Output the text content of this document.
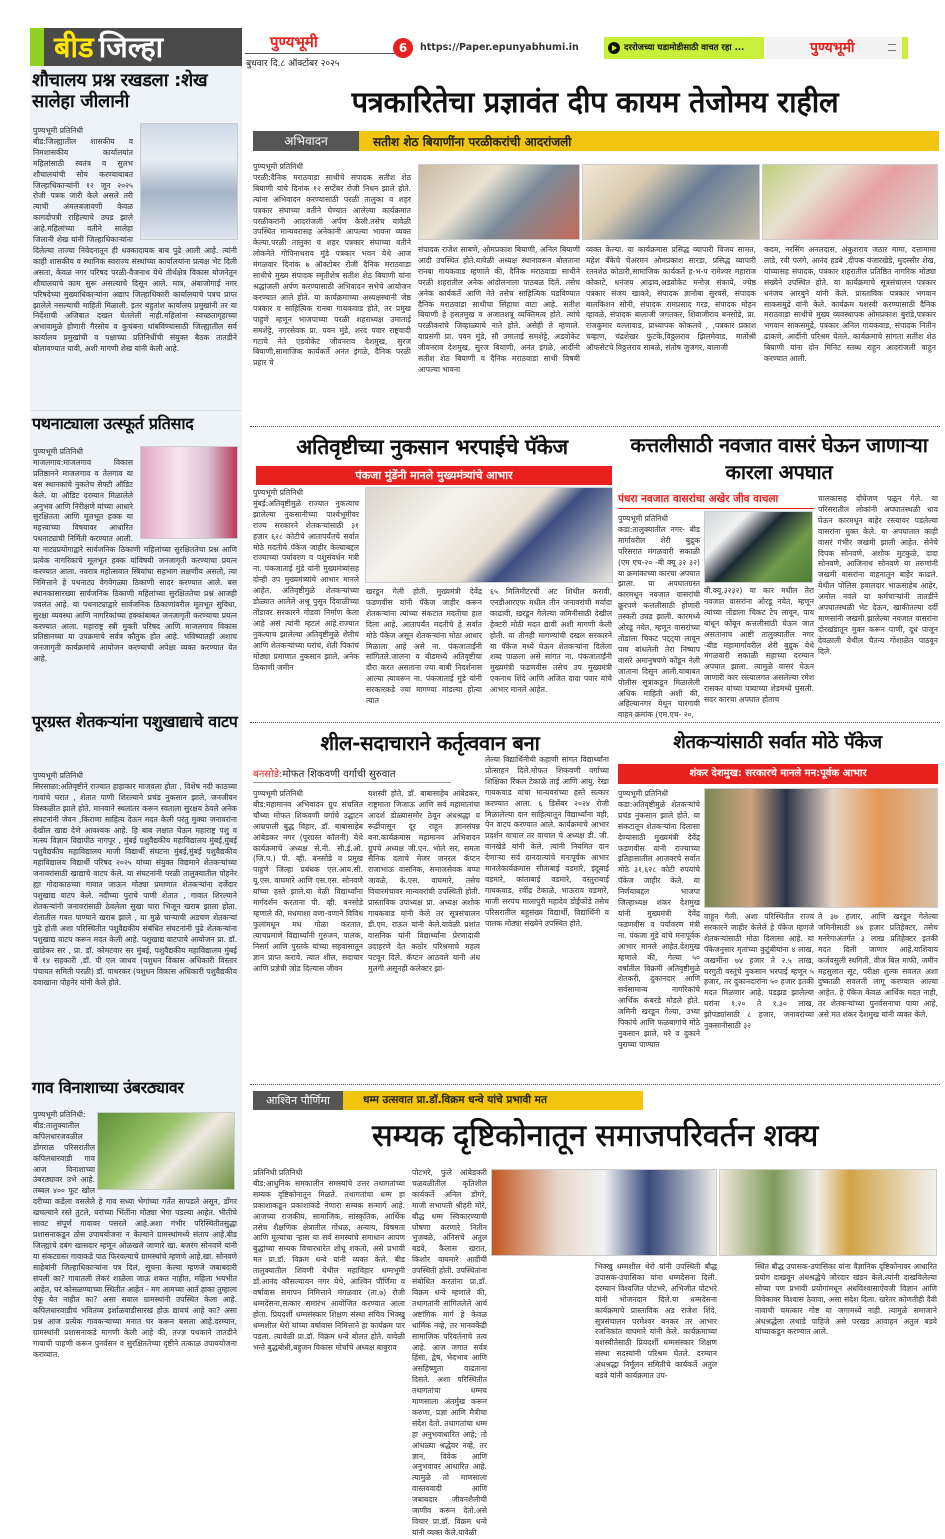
बीड जिल्हा	पुण्यभूमी
बुधवार दि.८ ऑक्टोबर २०२५
6	https://Paper.epunyabhumi.in	दररोजच्या घडामोडीसाठी वाचत रहा ...	पुण्यभूमी
शौचालय प्रश्न रखडला :शेख सालेहा जीलानी
पुण्यभूमी प्रतिनिधी
बीड:जिल्ह्यातील शासकीय व निमशासकीय कार्यालयांत महिलांसाठी स्वतंत्र व सुलभ शौचालयांची सोय करण्याबाबत जिल्हाधिकाऱ्यांनी १२ जून २०२५ रोजी पत्रक जारी केले असले तरी त्याची अंमलबजावणी केवळ कागदोपत्री राहिल्याचे उघड झाले आहे.महिलांच्या वतीने सालेहा जिलानी शेख यांनी जिल्हाधिकाऱ्यांना दिलेल्या ताज्या निवेदनातून ही धक्कादायक बाब पुढे आली आहे. त्यांनी काही शासकीय व स्थानिक स्वराज्य संस्थांच्या कार्यालयांना प्रत्यक्ष भेट दिली असता, केवळ नगर परिषद परळी-वैजनाथ येथे तीर्थक्षेत्र विकास योजनेतून शौचालयाचे काम सुरू असल्याचे दिसून आले. मात्र, अंबाजोगाई नगर परिषदेच्या मुख्याधिकाऱ्यांना अद्याप जिल्हाधिकारी कार्यालयाचे पत्रच प्राप्त झालेले नसल्याची माहिती मिळाली. इतर बहुतांश कार्यालय प्रमुखांनी तर या निर्देशाची अजिबात दखल घेतलेली नाही.महिलांना स्वच्छतागृहाच्या अभावामुळे होणारी गैरसोय व कुचंबना थांबविण्यासाठी जिल्ह्यातील सर्व कार्यालय प्रमुखांची व पक्षाच्या प्रतिनिधींची संयुक्त बैठक तातडीने बोलावण्यात यावी, अशी मागणी शेख यांनी केली आहे.
पथनाट्याला उत्स्फूर्त प्रतिसाद
पुण्यभूमी प्रतिनिधी
माजलगाव:माजलगाव विकास प्रतिष्ठानने माजलगाव व तेलगाव या बस स्थानकांचे नुकतेच सेफ्टी ऑडिट केले. या ऑडिट दरम्यान मिळालेले अनुभव आणि निरीक्षणे यांच्या आधारे सुरक्षितता आणि मूलभूत हक्क या महत्त्वाच्या विषयावर आधारित पथनाट्याची निर्मिती करण्यात आली. या नाट्यप्रयोगाद्वारे सार्वजनिक ठिकाणी महिलांच्या सुरक्षिततेचा प्रश्न आणि प्रत्येक नागरिकाचे मूलभूत हक्क यांविषयी जनजागृती करण्याचा प्रयत्न करण्यात आला. नवरात्र महोत्सवात स्त्रियांचा सहभाग लक्षणीय असतो, त्या निमित्ताने हे पथनाट्य वेगवेगळ्या ठिकाणी सादर करण्यात आले. बस स्थानकासारख्या सार्वजनिक ठिकाणी महिलांच्या सुरक्षिततेचा प्रश्न आजही ज्वलंत आहे. या पथनाट्याद्वारे सार्वजनिक ठिकाणांवरील मूलभूत सुविधा, सुरक्षा व्यवस्था आणि नागरिकांच्या हक्कांबाबत जनजागृती करण्याचा प्रयत्न करण्यात आला. महाराष्ट्र स्त्री मुक्ती परिषद आणि माजलगाव विकास प्रतिष्ठानच्या या उपक्रमाचे सर्वत्र कौतुक होत आहे. भविष्यातही अशाच जनजागृती कार्यक्रमांचे आयोजन करण्याची अपेक्षा व्यक्त करण्यात येत आहे.
पूरग्रस्त शेतकऱ्यांना पशुखाद्याचे वाटप
पुण्यभूमी प्रतिनिधी
सिरसाळा:अतिवृष्टीने राज्यात हाहाकार माजवला होता , विशेष नदी काठच्या गावांचे घरात , शेतात पाणी शिरल्याने प्रचंड नुकसान झाले, जनजीवन विस्कळीत झाले होते. मानवाने स्थलांतर करून स्वताला सुरक्षय ठेवले अनेक संघटनांनी जेवन ,किराणा साहित्य देऊन मदत केली परंतु मुक्या जनावरांना देखील खाद्य देणे आवश्यक आहे. हि बाब लक्षात घेऊन महाराष्ट्र पशु व मत्स्य विज्ञान विद्यापीठ नागपूर , मुंबई पशुवैद्यकीय महाविद्यालय मुंबई,मुंबई पशुवैद्यकीय महाविद्यालय माजी विद्यार्थी संघटना मुंबई,मुंबई पशुवैद्यकीय महाविद्यालय विद्यार्थी परिषद २०२५ यांच्या संयुक्त विद्यमाने शेतकऱ्यांच्या जनावरांसाठी खाद्याचे वाटप केले. या संघटनांनी परळी तालुक्यातील पोहनेर ह्या गोदाकाठच्या गावात जाऊन मोठ्या प्रमाणात शेतकऱ्यांना दर्जेदार पशुखाद्य वाटप केले. नदीच्या पुराचे पाणी शेतात , गावात शिरल्याने शेतकऱ्यांनी जनावरांसाठी ठेवलेला सुखा चारा भिजून खराब झाला होता. शेतातील गवत पाण्याने खराब झाले , या मुळे चाऱ्याची अडचण शेतकऱ्यां पुढे होती अशा परिस्थितीत पशुवैद्यकीय संबंधित संघटनांनी पुढे शेतकऱ्यांना पशुखाद्य वाटप करून मदत केली आहे. पशुखाद्य वाटपाचे आयोजन प्रा. डॉ. खांडेकर सर , प्रा. डॉ. कोमटवार सर मुंबई, पशुवैद्यकीय महाविद्यालय मुंबई चे १४ सहकारी ,डॉ. पी एल जाधव (पशुधन विकास अधिकारी विस्तार पंचायत समिती परळी) डॉ. पाथरकर (पशुधन विकास अधिकारी पशुवैद्यकीय दवाखाना पोहनेर यांनी केले होते.
गाव विनाशाच्या उंबरठ्यावर
पुण्यभूमी प्रतिनिधी:
बीड:तालुक्यातील कपिलधारजवळील डोंगराळ परिसरातील कपिलधारवाडी गाव आज विनाशाच्या उंबरठ्यावर उभे आहे. तब्बल ४०० फूट खोल दरीच्या कडेला वसलेले हे गाव सध्या भेगांच्या गर्तेत सापडले असून, डोंगर खचल्याने रस्ते तुटले, घरांच्या भिंतींना मोठ्या भेगा पडल्या आहेत. भीतीचे सावट संपूर्ण गावावर पसरले आहे.अशा गंभीर परिस्थितीतसुद्धा प्रशासनाकडून ठोस उपाययोजना न केल्याने ग्रामस्थांमध्ये संताप आहे.बीड जिल्ह्याचे दबंग खासदार म्हणून ओळखले जाणारे खा. बजरंग सोनवणे यांनी या संकटग्रस्त गावाकडे पाठ फिरवल्याचे ग्रामस्थांचे म्हणणे आहे.खा. सोनवणे साहेबांनी जिल्हाधिकाऱ्यांना पत्र दिलं, सूचना केल्या म्हणजे जबाबदारी संपली का? गावातली लेकरं शाळेला जाऊ शकत नाहीत, महिला भयभीत आहेत, घरं कोसळण्याच्या स्थितीत आहेत - मग आमच्या आर्त हाका तुम्हाला ऐकू येत नाहीत का? असा सवाल ग्रामस्थांनी उपस्थित केला आहे. कपिलधारवाडीचं भवितव्य इर्शाळवाडीसारखं होऊ द्यायचं आहे का? असा प्रश्न आज प्रत्येक गावकऱ्याच्या मनात घर करून बसला आहे.दरम्यान, ग्रामस्थांनी प्रशासनाकडे मागणी केली आहे की, तज्ज्ञ पथकाने तातडीने गावाची पाहणी करून पुनर्वसन व सुरक्षिततेच्या दृष्टीने तत्काळ उपाययोजना कराव्यात.
पत्रकारितेचा प्रज्ञावंत दीप कायम तेजोमय राहील
अभिवादन	सतीश शेठ बियाणींना परळीकरांची आदरांजली
पुण्यभूमी प्रतिनिधी
परळी:दैनिक मराठवाडा साथीचे संपादक सतीश शेठ बियाणी यांचे दिनांक १२ सप्टेंबर रोजी निधन झाले होते. त्यांना अभिवादन करण्यासाठी परळी तालुका व शहर पत्रकार संघाच्या वतीने घेण्यात आलेल्या कार्यक्रमात परळीकरांनी आदरांजली अर्पण केली.तसेच यावेळी उपस्थित मान्यवरासह अनेकांनी आपल्या भावना व्यक्त केल्या.परळी तालुका व शहर पत्रकार संघाच्या वतीने लोकनेते गोपिनाथराव मुंडे पत्रकार भवन येथे आज मंगळवार दिनांक ७ ऑक्टोबर रोजी दैनिक मराठवाडा साथीचे मुख्य संपादक स्मृतीशेष सतीश शेठ बियाणी यांना श्रद्धांजली अर्पण करण्यासाठी अभिवादन सभेचे आयोजन करण्यात आले होते. या कार्यक्रमाच्या अध्यक्षस्थानी जेष्ठ पत्रकार व साहित्यिक रानबा गायकवाड होते, तर प्रमुख पाहुणे म्हणून भाजपाच्या परळी शहराध्यक्ष उमाताई समशेट्टे, नगरसेवक प्रा. पवन मुंडे, शरद पवार राष्ट्रवादी गटाचे नेते एडवोकेट जीवनराव देशमुख, सुरज बियाणी,सामाजिक कार्यकर्ते अनंत इंगळे, दैनिक परळी प्रहार चे
संपादक राजेश साबणे, ओमप्रकाश बियाणी, अनिल बियाणी आदी उपस्थित होते.यावेळी अध्यक्ष स्थानावरून बोलताना रानबा गायकवाड म्हणाले की, दैनिक मराठवाडा साथीने परळी शहरातील अनेक आंदोलनाला पाठबळ दिले. तसेच अनेक कार्यकर्ते आणि नेते तसेच साहित्यिक घडविण्यात दैनिक मराठवाडा साथीचा सिंहाचा वाटा आहे. सतीश बियाणी हे हसतमुख व अजातशत्रू व्यक्तिमत्व होते. त्यांचे परळीकरांचे जिव्हाळ्याचे नाते होते. असेही ते म्हणाले. याप्रसंगी प्रा. पवन मुंडे, सौ उमाताई समशेट्टे, अडवोकेट जीवनराव देशमुख, सुरज बियाणी, अनंत इंगळे, आदींनी सतीश शेठ बियाणी व दैनिक मराठवाडा साथी विषयी आपल्या भावना
व्यक्त केल्या. या कार्यक्रमास प्रसिद्ध व्यापारी विजय सामत, महेश बँकेचे चेअरमन ओमप्रकाश सारडा, प्रसिद्ध व्यापारी रतनशेठ कोठारी,सामाजिक कार्यकर्ते ह-भ-प रामेश्वर महाराज कोकाटे, धनंजय आढाव,अडवोकेट मनोज संकाये, ज्येष्ठ पत्रकार संजय खाकरे, संपादक ज्ञानोबा सुरवसे, संपादक बालकिशन सोनी, संपादक रामप्रसाद गरड, संपादक मोहन व्हावळे, संपादक बालाजी जगतकर, शिवाजीराव बनसोडे, प्रा. राजकुमार यल्लावाड, प्राध्यापक कोकलवे , ,पत्रकार प्रकाश चव्हाण, चंद्रशेखर फुटके,विठ्ठलराव झिलमेवाड, मातोश्री ऑफसेटचे विठ्ठलराव साबळे, संतोष जुजगर, बालाजी
कदम, नरसिंग अनलदास, अंकुशराव जठार मामा, दत्तामामा लांडे, रवी पलंगे, आनंद हडबे ,दीपक वंजारखेडे, मुदस्सीर शेख, यांच्यासह संपादक, पत्रकार शहरातील प्रतिष्ठित नागरिक मोठ्या संख्येने उपस्थित होते. या कार्यक्रमाचे सूत्रसंचालन पत्रकार धनंजय आरबुने यांनी केले. प्रास्ताविक पत्रकार भगवान साकसमुद्रे यांनी केले. कार्यक्रम यशस्वी करण्यासाठी दैनिक मराठवाडा साथीचे मुख्य व्यवस्थापक ओमप्रकाश बुरांडे,पत्रकार भगवान साकसमुद्रे, पत्रकार अनिल गायकवाड, संपादक नितीन ढाकणे, आदींनी परिश्रम घेतले. कार्यक्रमाचे सांगता सतीश शेठ बियाणी यांना दोन मिनिट स्तब्ध राहून आदरांजली वाहून करण्यात आली.
अतिवृष्टीच्या नुकसान भरपाईचे पॅकेज
पंकजा मुंडेंनी मानले मुख्यमंत्र्यांचे आभार
पुण्यभूमी प्रतिनिधी
मुंबई:अतिवृष्टीमुळे राज्यात नुकत्याच झालेल्या नुकसानीच्या पार्श्वभूमीवर राज्य सरकारने शेतकऱ्यांसाठी ३१ हजार ६२८ कोटीचे आतापर्यंतचे सर्वात मोठे मदतीचे पॅकेज जाहीर केल्याबद्दल राज्याच्या पर्यावरण व पशुसंवर्धन मंत्री ना. पंकजाताई मुंडे यांनी मुख्यमंत्र्यांसह दोन्ही उप मुख्यमंत्र्यांचे आभार मानले आहेत. अतिवृष्टीमुळे शेतकऱ्यांच्या डोळ्यात आलेले अश्रू पुसून दिवाळीच्या तोंडावर सरकारने गोडवा निर्माण केला आहे असं त्यांनी म्हटलं आहे.राज्यात नुकत्याच झालेल्या अतिवृष्टीमुळे शेतीचं आणि शेतकऱ्यांच्या घरांचं, शेती पिकांचं मोठ्या प्रमाणात नुकसान झाले. अनेक ठिकाणी जमीन
खरडून गेली होती. मुख्यमंत्री देवेंद्र फडणवीस यांनी पॅकेज जाहीर करून शेतकऱ्यांना त्यांच्या संकटात मदतीचा हात दिला आहे. आतापर्यंत मदतीचे हे सर्वात मोठे पॅकेज असून शेतकऱ्यांना मोठा आधार मिळाला आहे असे ना. पंकजाताईंनी सांगितले.जालना व बीडमध्ये अतिवृष्टीचा दौरा करत असताना ज्या बाबी निदर्शनास आल्या त्यावरून ना. पंकजाताई मुंडे यांनी सरकारकडे ज्या मागण्या मांडल्या होत्या त्यात
६५ मिलिमीटरची अट शिथील करावी, एनडीआरएफ मधील तीन जनावरांची मर्यादा काढावी, खरडून गेलेल्या जमिनीसाठी देखील हेक्टरी मोठी मदत द्यावी अशी मागणी केली होती. या तीनही मागण्यांची दखल सरकारने या पॅकेज मध्ये घेऊन शेतकऱ्यांना दिलेला शब्द पाळला असे सांगत ना. पंकजाताईंनी मुख्यमंत्री फडणवीस तसेच उप मुख्यमंत्री एकनाथ शिंदे आणि अजित दादा पवार यांचे आभार मानले आहेत.
कत्तलीसाठी नवजात वासरं घेऊन जाणाऱ्या कारला अपघात
पंधरा नवजात वासरांचा अखेर जीव वाचला
पुण्यभूमी प्रतिनिधी
कडा:तालुक्यातील नगर- बीड मार्गावरील शेरी बुद्रुक परिसरात मंगळवारी सकाळी (एम एच-२० -बी क्यू ३२ ३२) या क्रमांकाच्या कारचा अपघात झाला. या अपघातग्रस्त कारमधून नवजात वासरांची क्रूरपणे कत्तलीसाठी होणारी तस्करी उघड झाली. कारमध्ये ओरडू नयेत, म्हणून वासरांच्या तोंडाला चिकट पट्ट्या लावून पाय बांधलेली तेरा निष्पाप वासरे अमानुषपणे कोंडून नेली जाताना दिसून आली.याबाबत पोलीस सूत्राकडून मिळालेली अधिक माहिती अशी की, अहिल्यानगर येथून घारगावी वाहन क्रमांक (एम.एच- २०,
बी.क्यू.३२३२) या कार मधील तेरा नवजात वासरांना ओरडू नयेत, म्हणून त्यांच्या तोंडाला चिकट टेप लावून, पाय बांधून कोंबून कत्तलीसाठी घेऊन जात असतानाच आष्टी तालुक्यातील नगर -बीड महामार्गावरील शेरी बुद्रुक येथे मंगळवारी सकाळी सहाच्या दरम्यान अपघात झाला. त्यामुळे वासरं घेऊन जाणारी कार रस्त्यालगत असलेल्या रमेश रासकर यांच्या पत्र्याच्या शेडमध्ये घुसली. सदर कारचा अपघात होताच
चालकासह दोघेजण पळून गेले. या परिसरातील लोकांनी अपघातस्थळी धाव घेऊन कारमधून बाहेर रस्त्यावर पडलेल्या वासरांना मुक्त केले. या अपघातात काही वासरं गंभीर जखमी झाली आहेत. सेनेचे दिपक सोनवणे, अशोक मुटकुळे, दादा सोनवणे, आजिनाथ सोनवणे या तरुणांनी जखमी वासरांना वाहनातून बाहेर काढले. येथील पोलिस हवालदार भाऊसाहेब आहेर, अमोल नवले या कर्मचाऱ्यांनी तातडीने अपघातस्थळी भेट देऊन, खाकीतल्या दर्दी माणसांनी जखमी झालेल्या नवजात वासरांना दोरखंडातून मुक्त करून पाणी, दूध पाजून देवळाली येथील चैतन्य गोशाळेत पाठवून दिले.
शील-सदाचाराने कर्तृत्ववान बना
बनसोडे:मोफत शिकवणी वर्गाची सुरुवात
पुण्यभूमी प्रतिनिधी
बीड:महामानव अभिवादन ग्रुप संचलित चौथ्या मोफत शिकवणी वर्गाचे उद्घाटन आम्रपाली बुद्ध विहार, डॉ. बाबासाहेब आंबेडकर नगर (पूरग्रस्त कॉलनी) येथे कार्यक्रमाचे अध्यक्ष से.नी. सी.ई.ओ. (जि.प.) पी. व्ही. बनसोडे व प्रमुख पाहुणे जिल्हा प्रबंधक एल.आय.सी. यू.एस. वाघमारे आणि एस.एस. सोनवणे यांच्या हस्ते झाले.या वेळी विद्यार्थ्यांना मार्गदर्शन करताना पी. व्ही. बनसोडे म्हणाले की, मधमाशा वणा-वणाने विविध फुलांमधून मध गोळा करतात, त्याचप्रमाणे विद्यार्थ्यांनी गुरुजन, पालक, निसर्ग आणि पुस्तके यांच्या सहवासातून ज्ञान प्राप्त करावे. त्यात शील, सदाचार आणि प्रज्ञेची जोड दिल्यास जीवन
यशस्वी होते. डॉ. बाबासाहेब आंबेडकर, राष्ट्रमाता जिजाऊ आणि सर्व महामातांचा आदर्श डोळ्यासमोर ठेवून अंधश्रद्धा व रूढींपासून दूर राहून ज्ञानसंपन्न बना.कार्यक्रमास महामानव अभिवादन ग्रुपचे अध्यक्ष जी.एन. भोले सर, समता सैनिक दलाचे मेजर जनरल कॅप्टन राजाभाऊ वासनिक, समाजसेवक बप्पा जावळे, के.एस. वाघमारे, तसेच विचारमंचावर मान्यवरांची उपस्थिती होती. प्रास्ताविक उपाध्यक्ष प्रा. अध्यक्ष अशोक गायकवाड यांनी केले तर सूत्रसंचालन डी.एम. राऊत यांनी केले.यावेळी प्रशांत वासनिक यांनी विद्यार्थ्यांना प्रेरणादायी उदाहरणे देत कठोर परिश्रमाचे महत्व पटवून दिले. कॅप्टन आठवले यांनी अंध मुलगी असूनही कलेक्टर झा-
लेल्या विद्यार्थिनीची कहाणी सांगत विद्यार्थ्यांना प्रोत्साहन दिले.मोफत शिकवणी वर्गाच्या शिक्षिका रिंकल टेकाळे ताई आणि आयु. रेखा गायकवाड यांचा मान्यवरांच्या हस्ते सत्कार करण्यात आला. ६ डिसेंबर २०२४ रोजी मिळालेल्या दान साहित्यातून विद्यार्थ्यांना वही, पेन वाटप करण्यात आले. कार्यक्रमाचे आभार प्रदर्शन वाचाल तर वाचाल चे अध्यक्ष डी. जी. वानखेडे यांनी केले. त्यांनी नियमित दान देणाऱ्या सर्व दानदात्यांचे मनःपूर्वक आभार मानलेकार्यक्रमास सीताबाई वडमारे, इंदूबाई वडमारे, कांताबाई वडमारे, वस्तुराबाई गायकवाड, रवींद्र टेकाळे, भाऊराव वडमारे, माजी सरपंच मालापुरी महादेव डोईफोडे तसेच परिसरातील बहुसंख्य विद्यार्थी, विद्यार्थिनी व पालक मोठ्या संख्येने उपस्थित होते.
शेतकऱ्यांसाठी सर्वात मोठे पॅकेज
शंकर देशमुख: सरकारचे मानले मन:पूर्वक आभार
पुण्यभूमी प्रतिनिधी
कडा:अतिवृष्टीमुळे शेतकऱ्यांचे प्रचंड नुकसान झाले होते. या संकटातून शेतकऱ्यांना दिलासा देण्यासाठी मुख्यमंत्री देवेंद्र फडणवीस यांनी राज्याच्या इतिहासातील आजवरचे सर्वात मोठे ३१,६२८ कोटी रुपयांचे पॅकेज जाहीर केले. या निर्णयाबद्दल भाजपा जिल्हाध्यक्ष शंकर देशमुख यांनी मुख्यमंत्री देवेंद्र फडणवीस व पर्यावरण मंत्री ना. पंकजा मुंडे यांचे मनःपूर्वक आभार मानले आहेत.देशमुख म्हणाले की, गेल्या ५० वर्षांतील विक्रमी अतिवृष्टीमुळे शेतकरी, दुकानदार आणि सर्वसामान्य नागरिकांचे आर्थिक कंबरडे मोडले होते. जमिनी खरडून गेल्या, उभ्या पिकांचे आणि फळबागांचे मोठे नुकसान झाले, घरे व दुकाने पुराच्या पाण्यात
वाहून गेली. अशा परिस्थितीत राज्य सरकारने जाहीर केलेले हे पॅकेज म्हणजे शेतकऱ्यांसाठी मोठा दिलासा आहे. या पॅकेजनुसार मृतांच्या कुटुंबीयांना ४ लाख, जखमींना ७४ हजार ते २.५ लाख, घरगुती वस्तूंचे नुकसान भरपाई म्हणून ५ हजार, तर दुकानदारांना ५० हजार इतकी मदत मिळणार आहे. पडझड झालेल्या घरांना १.२० ते १.३० लाख, झोपड्यांसाठी ८ हजार, जनावरांच्या नुकसानीसाठी ३२
ते ३७ हजार, आणि खरडून गेलेल्या जमिनीसाठी ४७ हजार प्रतिहेक्टर, तसेच मनरेगाअंतर्गत ३ लाख प्रतिहेक्टर इतकी मदत दिली जाणार आहे.याशिवाय कर्जवसुली स्थगिती, वीज बिल माफी, जमीन महसुलात सूट, परीक्षा शुल्क सवलत अशा दुष्काळी सवलती लागू करण्यात आल्या आहेत. हे पॅकेज केवळ आर्थिक मदत नाही, तर शेतकऱ्यांच्या पुनर्वसनाचा पाया आहे, असे मत शंकर देशमुख यांनी व्यक्त केले.
आश्विन पौर्णिमा	धम्म उत्सवात प्रा.डॉ.विक्रम धन्वे यांचे प्रभावी मत
सम्यक दृष्टिकोनातून समाजपरिवर्तन शक्य
प्रतिनिधी प्रतिनिधी
बीड:आधुनिक समकालीन समस्यांचे उत्तर तथागतांच्या सम्यक दृष्टिकोनातून मिळते. तथागतांचा धम्म हा प्रकाशाकडून प्रकाशाकडे नेणारा सम्यक सन्मार्ग आहे. आजच्या राजकीय, सामाजिक, सांस्कृतिक, आर्थिक तसेच शैक्षणिक क्षेत्रातील गोंधळ, अन्याय, विषमता आणि मूल्यांचा ऱ्हास या सर्व समस्यांचे समाधान आपण बुद्धांच्या सम्यक विचारधारेत शोधू शकतो, असे प्रभावी मत प्रा.डॉ. विक्रम धन्वे यांनी व्यक्त केले. बीड तालुक्यातील शिवणी येथील महाविहार धम्मभूमी डॉ.आनंद कौसल्यायन नगर येथे, आश्विन पौर्णिमा व वर्षावास समापन निमित्ताने मंगळवार (ता.७) रोजी धम्मदेसना,सत्कार समारंभ आयोजित करण्यात आला होता. प्रियदर्शी धम्मसंस्कार शिक्षण संस्था सचिव भिक्खु धम्मशील थेरो यांच्या वर्षावास निमित्ताने हा कार्यक्रम पार पडला. त्यावेळी प्रा.डॉ. विक्रम धन्वे बोलत होते. यावेळी भन्ते बुद्धबोधी,बहुजन विकास मोर्चाचे अध्यक्ष बाबुराव
पोटभरे, फुले आंबेडकरी चळवळीतील कृतिशील कार्यकर्ते अनिल डोंगरे, माजी सभापती श्रीहरी मोरे, बौद्ध धम्म स्विकारण्याची घोषणा करणारे नितीन भुजबळे, अंनिसचे अतुल बडवे, कैलास खरात, किशोर वाघमारे आदींची उपस्थिती होती. उपस्थितांना संबोधित करतांना प्रा.डॉ. विक्रम धन्वे म्हणाले की, तथागतांनी सांगितलेले आर्य अष्टांगिक मार्ग हे केवळ धार्मिक नव्हे, तर मानवकेंद्री सामाजिक परिवर्तनाचे तत्व आहे. आज जगात सर्वत्र हिंसा, द्वेष, भेदभाव आणि असहिष्णुता वाढताना दिसते. अशा परिस्थितीत तथागतांचा धम्मच माणसाला अंतर्मुख करून करुणा, प्रज्ञा आणि मैत्रीचा संदेश देतो. तथागतांचा धम्म हा अनुभवाधारित आहे; तो आंधळ्या श्रद्धेवर नव्हे, तर ज्ञान, विवेक आणि अनुभवावर आधारित आहे. त्यामुळे तो माणसाला वास्तववादी आणि जबाबदार जीवनशैलीची जाणीव करून देतो.असे विचार प्रा.डॉ. विक्रम धन्वे यांनी व्यक्त केले.यावेळी
भिक्खु धम्मशील थेरो यांनी उपस्थिती बौद्ध उपासक-उपासिका यांना धम्मदेसना दिली. दरम्यान विश्वजित पोटभरे, अभिजीत पोटभरे यांनी भोजनदान दिले.या धम्मदेसना कार्यक्रमाचे प्रास्ताविक अड राजेश शिंदे, सूत्रसंचालन परमेश्वर बनकर तर आभार रजनिकांत वाघमारे यांनी केले. कार्यक्रमाच्या यशस्वीतेसाठी प्रियदर्शी धम्मसंस्कार शिक्षण संस्था सदस्यांनी परिश्रम घेतले. दरम्यान अंधश्रद्धा निर्मूलन समितीचे कार्यकर्ते अतुल बडवे यांनी कार्यक्रमात उप-
स्थित बौद्ध उपासक-उपासिका यांना वैज्ञानिक दृष्टिकोनावर आधारित प्रयोग दाखवून अंधश्रद्धेचे जोरदार खंडन केले.त्यांनी दाखविलेल्या सोप्या पण प्रभावी प्रयोगांमधून अंधविश्वासाऐवजी विज्ञान आणि विवेकावर विश्वास ठेवावा, असा संदेश दिला. खरेतर कोणतीही दैवी नावाची चमत्कार गोष्ट या जगामध्ये नाही. त्यामुळे समाजाने अंधश्रद्धेला लथाडे पाहिजे असे परखड आवाहन अतुल बडवे यांच्याकडून करण्यात आले.
